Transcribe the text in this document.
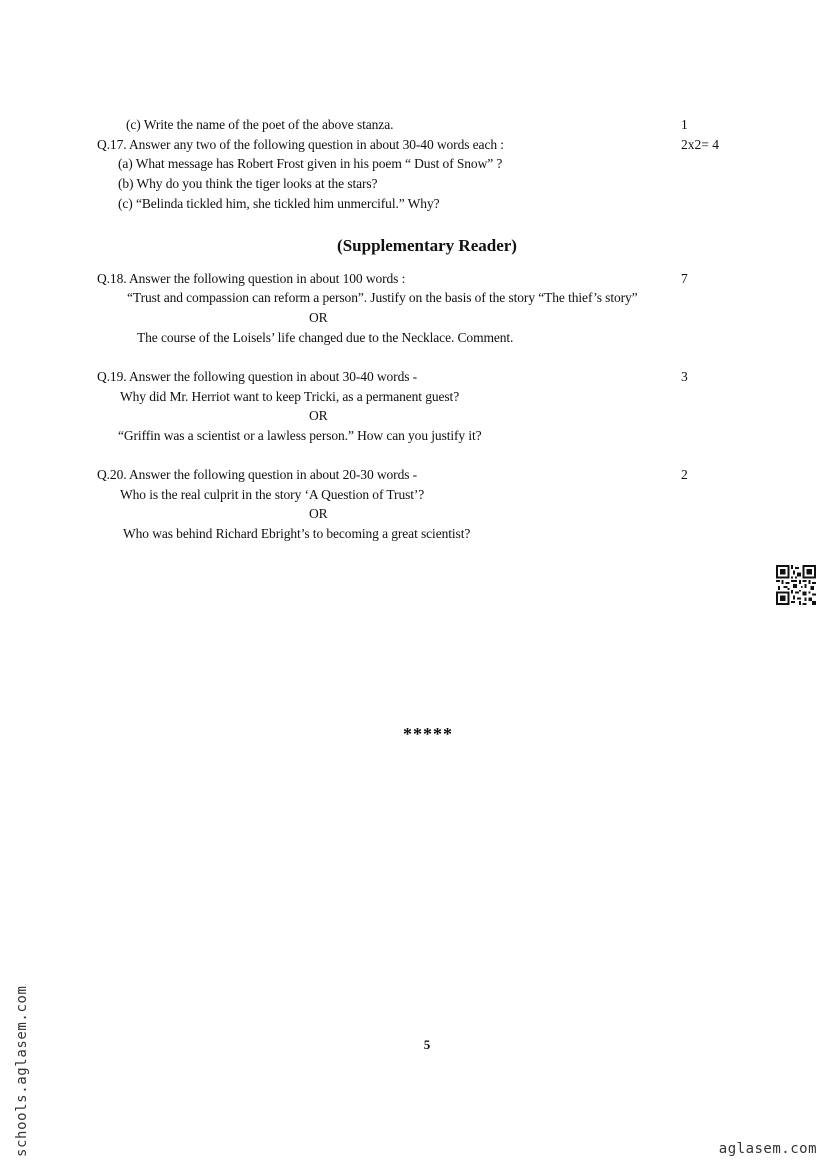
(c) Write the name of the poet of the above stanza.	1
Q.17. Answer any two of the following question in about 30-40 words each :	2x2= 4
(a) What message has Robert Frost given in his poem “ Dust of Snow” ?
(b) Why do you think the tiger looks at the stars?
(c) “Belinda tickled him, she tickled him unmerciful.” Why?
(Supplementary Reader)
Q.18. Answer the following question in about 100 words :	7
“Trust and compassion can reform a person”. Justify on the basis of the story “The thief’s story”
OR
The course of the Loisels’ life changed due to the Necklace. Comment.
Q.19. Answer the following question in about 30-40 words -	3
Why did Mr. Herriot want to keep Tricki, as a permanent guest?
OR
“Griffin was a scientist or a lawless person.” How can you justify it?
Q.20. Answer the following question in about 20-30 words -	2
Who is the real culprit in the story ‘A Question of Trust’?
OR
Who was behind Richard Ebright’s to becoming a great scientist?
*****
5
schools.aglasem.com	aglasem.com
